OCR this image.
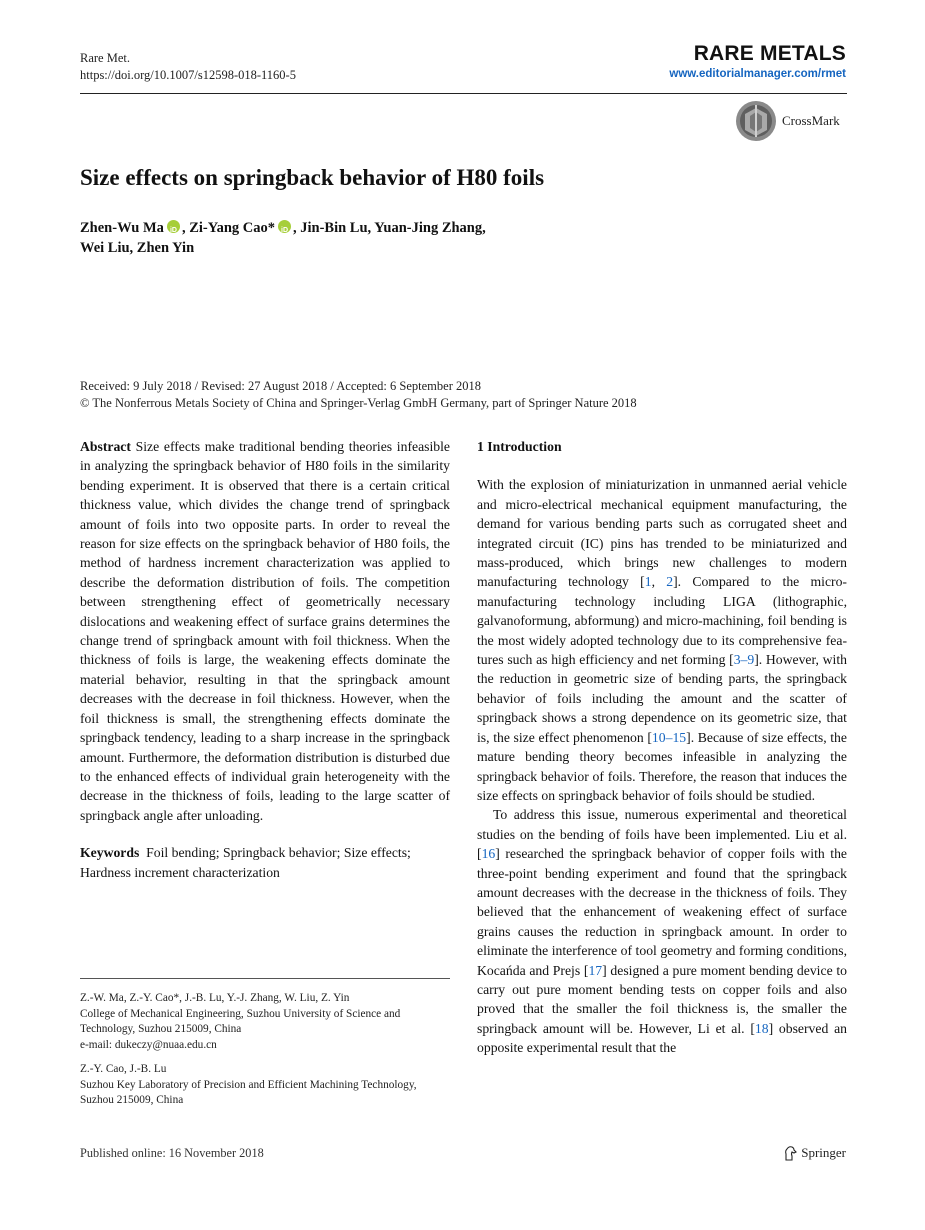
Rare Met.
https://doi.org/10.1007/s12598-018-1160-5
RARE METALS
www.editorialmanager.com/rmet
CrossMark
Size effects on springback behavior of H80 foils
Zhen-Wu Ma iD , Zi-Yang Cao* iD , Jin-Bin Lu, Yuan-Jing Zhang,
Wei Liu, Zhen Yin
Received: 9 July 2018 / Revised: 27 August 2018 / Accepted: 6 September 2018
© The Nonferrous Metals Society of China and Springer-Verlag GmbH Germany, part of Springer Nature 2018

Abstract Size effects make traditional bending theories infeasible in analyzing the springback behavior of H80 foils in the similarity bending experiment. It is observed that there is a certain critical thickness value, which divides the change trend of springback amount of foils into two opposite parts. In order to reveal the reason for size effects on the springback behavior of H80 foils, the method of hardness increment characterization was applied to describe the deformation distribution of foils. The competition between strengthening effect of geometrically necessary dislocations and weakening effect of surface grains determines the change trend of springback amount with foil thickness. When the thickness of foils is large, the weakening effects dominate the material behavior, resulting in that the springback amount decreases with the decrease in foil thickness. However, when the foil thickness is small, the strengthening effects dominate the springback tendency, leading to a sharp increase in the springback amount. Furthermore, the deformation distribution is disturbed due to the enhanced effects of individual grain heterogeneity with the decrease in the thickness of foils, leading to the large scatter of springback angle after unloading.

Keywords Foil bending; Springback behavior; Size effects; Hardness increment characterization

Z.-W. Ma, Z.-Y. Cao*, J.-B. Lu, Y.-J. Zhang, W. Liu, Z. Yin
College of Mechanical Engineering, Suzhou University of Science and Technology, Suzhou 215009, China
e-mail: dukeczy@nuaa.edu.cn

Z.-Y. Cao, J.-B. Lu
Suzhou Key Laboratory of Precision and Efficient Machining Technology, Suzhou 215009, China

1 Introduction

With the explosion of miniaturization in unmanned aerial vehicle and micro-electrical mechanical equipment manufacturing, the demand for various bending parts such as corrugated sheet and integrated circuit (IC) pins has trended to be miniaturized and mass-produced, which brings new challenges to modern manufacturing technology [1, 2]. Compared to the micro-manufacturing technology including LIGA (lithographic, galvanoformung, abformung) and micro-machining, foil bending is the most widely adopted technology due to its comprehensive features such as high efficiency and net forming [3–9]. However, with the reduction in geometric size of bending parts, the springback behavior of foils including the amount and the scatter of springback shows a strong dependence on its geometric size, that is, the size effect phenomenon [10–15]. Because of size effects, the mature bending theory becomes infeasible in analyzing the springback behavior of foils. Therefore, the reason that induces the size effects on springback behavior of foils should be studied.

To address this issue, numerous experimental and theoretical studies on the bending of foils have been implemented. Liu et al. [16] researched the springback behavior of copper foils with the three-point bending experiment and found that the springback amount decreases with the decrease in the thickness of foils. They believed that the enhancement of weakening effect of surface grains causes the reduction in springback amount. In order to eliminate the interference of tool geometry and forming conditions, Kocańda and Prejs [17] designed a pure moment bending device to carry out pure moment bending tests on copper foils and also proved that the smaller the foil thickness is, the smaller the springback amount will be. However, Li et al. [18] observed an opposite experimental result that the

Published online: 16 November 2018	Springer
